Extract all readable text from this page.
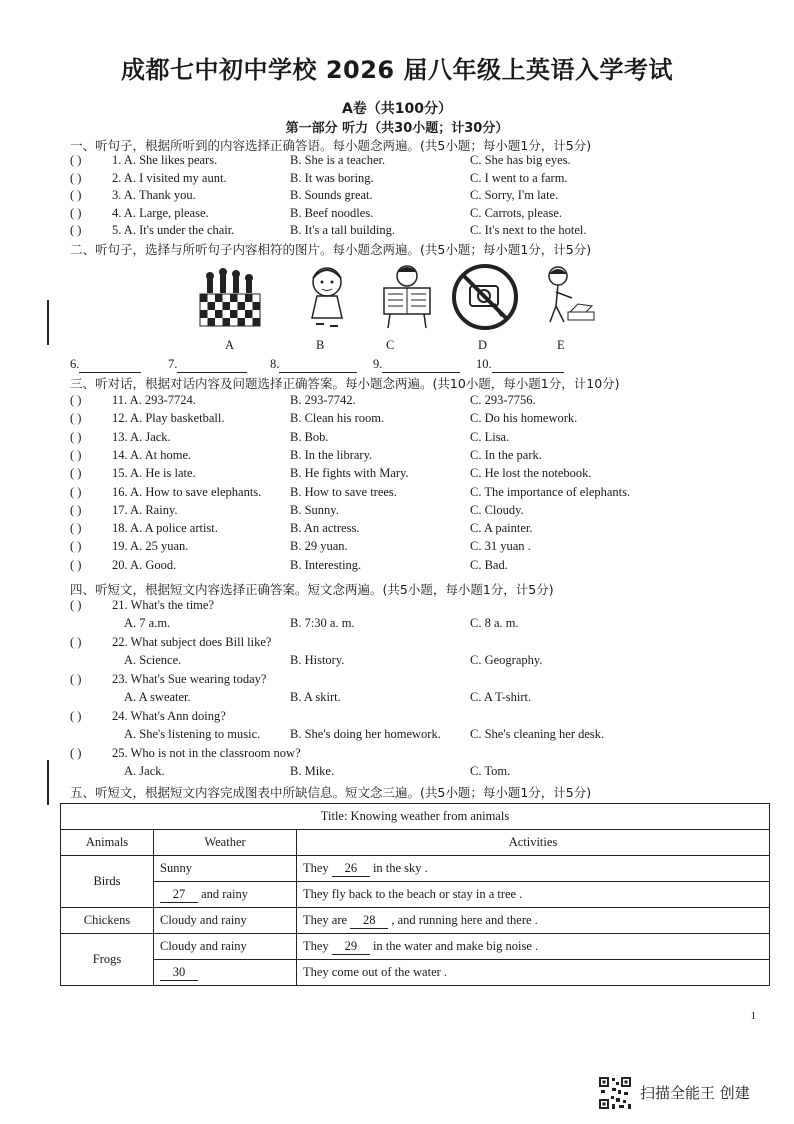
成都七中初中学校 2026 届八年级上英语入学考试
A卷（共100分）
第一部分 听力（共30小题；计30分）
一、听句子，根据所听到的内容选择正确答语。每小题念两遍。(共5小题；每小题1分，计5分)
( ) 1. A. She likes pears.	B. She is a teacher.	C. She has big eyes.
( ) 2. A. I visited my aunt.	B. It was boring.	C. I went to a farm.
( ) 3. A. Thank you.	B. Sounds great.	C. Sorry, I'm late.
( ) 4. A. Large, please.	B. Beef noodles.	C. Carrots, please.
( ) 5. A. It's under the chair.	B. It's a tall building.	C. It's next to the hotel.
二、听句子，选择与所听句子内容相符的图片。每小题念两遍。(共5小题；每小题1分，计5分)
A	B	C	D	E
6.	7.	8.	9.	10.
三、听对话，根据对话内容及问题选择正确答案。每小题念两遍。(共10小题，每小题1分，计10分)
( ) 11. A. 293-7724.	B. 293-7742.	C. 293-7756.
( ) 12. A. Play basketball.	B. Clean his room.	C. Do his homework.
( ) 13. A. Jack.	B. Bob.	C. Lisa.
( ) 14. A. At home.	B. In the library.	C. In the park.
( ) 15. A. He is late.	B. He fights with Mary.	C. He lost the notebook.
( ) 16. A. How to save elephants. B. How to save trees.	C. The importance of elephants.
( ) 17. A. Rainy.	B. Sunny.	C. Cloudy.
( ) 18. A. A police artist.	B. An actress.	C. A painter.
( ) 19. A. 25 yuan.	B. 29 yuan.	C. 31 yuan .
( ) 20. A. Good.	B. Interesting.	C. Bad.
四、听短文，根据短文内容选择正确答案。短文念两遍。(共5小题，每小题1分，计5分)
( ) 21. What's the time?
A. 7 a.m.	B. 7:30 a. m.	C. 8 a. m.
( ) 22. What subject does Bill like?
A. Science.	B. History.	C. Geography.
( ) 23. What's Sue wearing today?
A. A sweater.	B. A skirt.	C. A T-shirt.
( ) 24. What's Ann doing?
A. She's listening to music. B. She's doing her homework. C. She's cleaning her desk.
( ) 25. Who is not in the classroom now?
A. Jack.	B. Mike.	C. Tom.
五、听短文，根据短文内容完成图表中所缺信息。短文念三遍。(共5小题；每小题1分，计5分)
Title: Knowing weather from animals		
Animals	Weather	Activities
Birds	Sunny	They 26 in the sky .
	27 and rainy	They fly back to the beach or stay in a tree .
Chickens	Cloudy and rainy	They are 28 , and running here and there .
Frogs	Cloudy and rainy	They 29 in the water and make big noise .
	30	They come out of the water .
1
扫描全能王 创建
